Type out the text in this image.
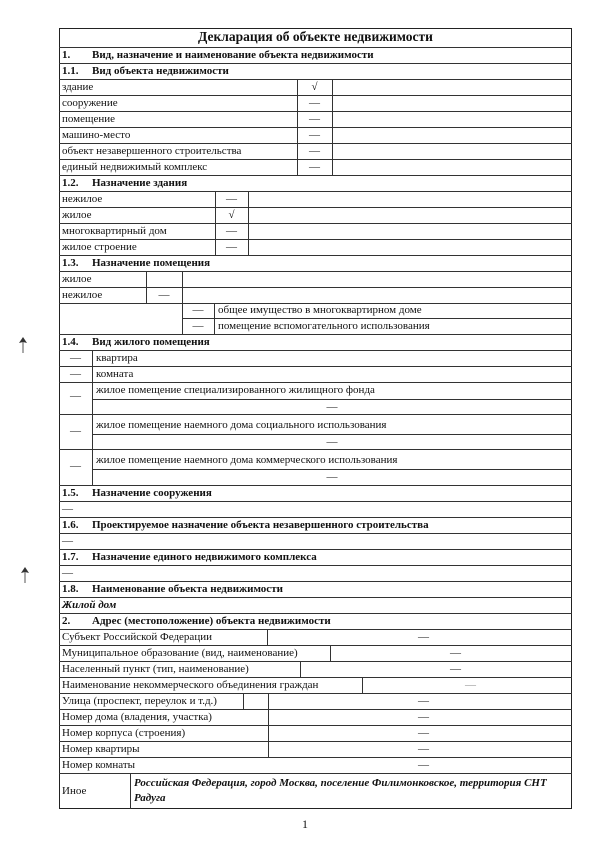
Декларация об объекте недвижимости
1. Вид, назначение и наименование объекта недвижимости
1.1. Вид объекта недвижимости
здание	√
сооружение	—
помещение	—
машино-место	—
объект незавершенного строительства	—
единый недвижимый комплекс	—
1.2. Назначение здания
нежилое	—
жилое	√
многоквартирный дом	—
жилое строение	—
1.3. Назначение помещения
жилое
нежилое	—
—	общее имущество в многоквартирном доме
—	помещение вспомогательного использования
1.4. Вид жилого помещения
—	квартира
—	комната
—	жилое помещение специализированного жилищного фонда
—
—	жилое помещение наемного дома социального использования
—
—	жилое помещение наемного дома коммерческого использования
—
1.5. Назначение сооружения
—
1.6. Проектируемое назначение объекта незавершенного строительства
—
1.7. Назначение единого недвижимого комплекса
—
1.8. Наименование объекта недвижимости
Жилой дом
2. Адрес (местоположение) объекта недвижимости
Субъект Российской Федерации	—
Муниципальное образование (вид, наименование)	—
Населенный пункт (тип, наименование)	—
Наименование некоммерческого объединения граждан	—
Улица (проспект, переулок и т.д.)	—
Номер дома (владения, участка)	—
Номер корпуса (строения)	—
Номер квартиры	—
Номер комнаты	—
Иное
Российская Федерация, город Москва, поселение Филимонковское, территория СНТ Радуга
1
